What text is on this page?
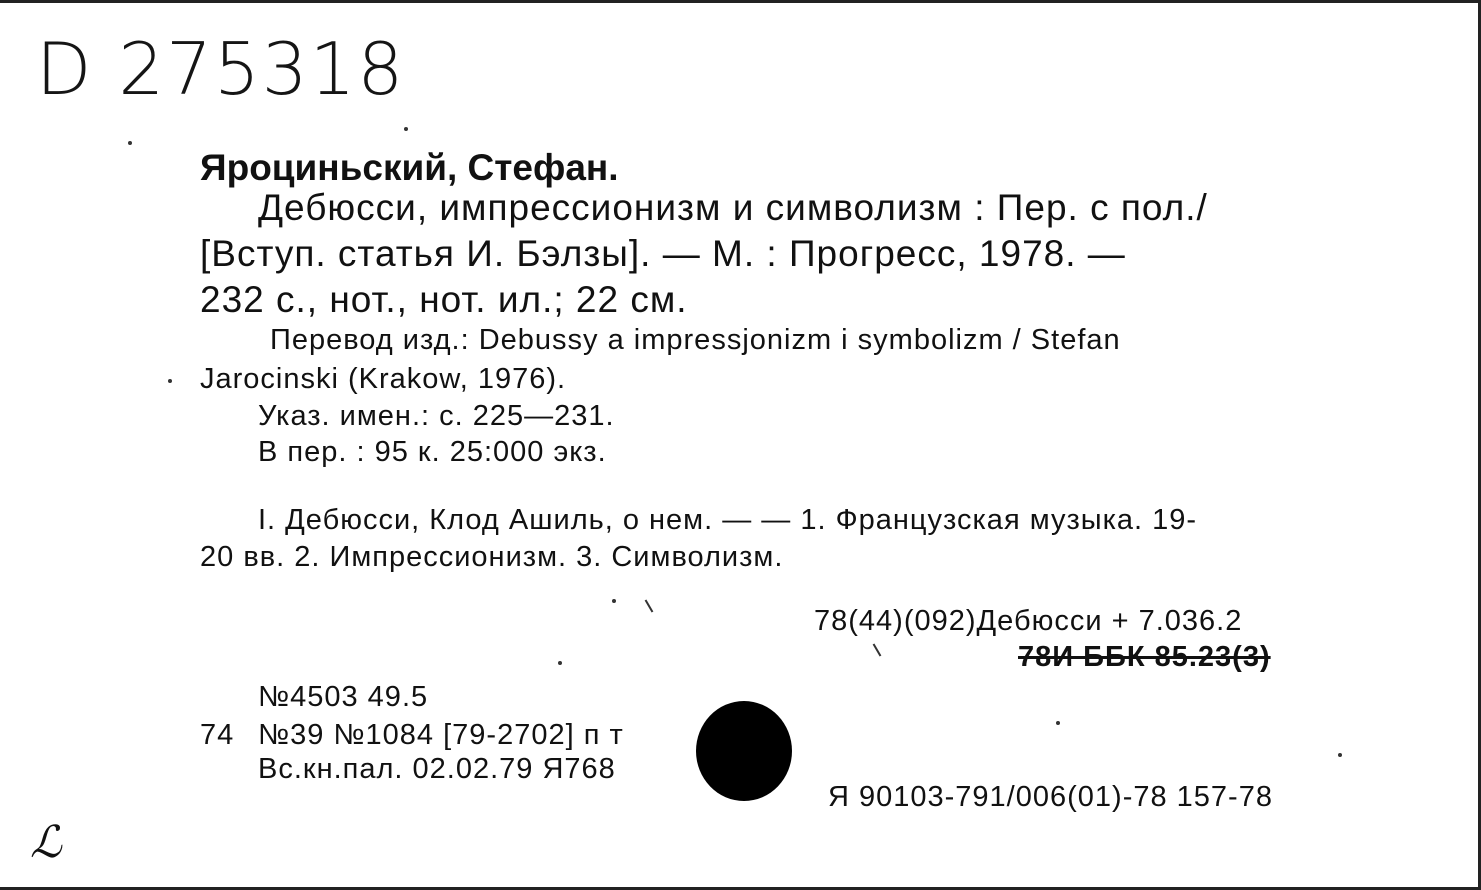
D 275318
Яроциньский, Стефан.
Дебюсси, импрессионизм и символизм : Пер. с пол./
[Вступ. статья И. Бэлзы]. — М. : Прогресс, 1978. —
232 с., нот., нот. ил.; 22 см.
Перевод изд.: Debussy a impressjonizm i symbolizm / Stefan
Jarocinski (Krakow, 1976).
Указ. имен.: с. 225—231.
В пер. : 95 к. 25:000 экз.
I. Дебюсси, Клод Ашиль, о нем. — — 1. Французская музыка. 19-
20 вв. 2. Импрессионизм. 3. Символизм.
78(44)(092)Дебюсси + 7.036.2
78И ББК 85.23(3)
№4503 49.5
74 №39 №1084 [79-2702] п т
Вс.кн.пал. 02.02.79 Я768
Я 90103-791/006(01)-78 157-78
ℒ
